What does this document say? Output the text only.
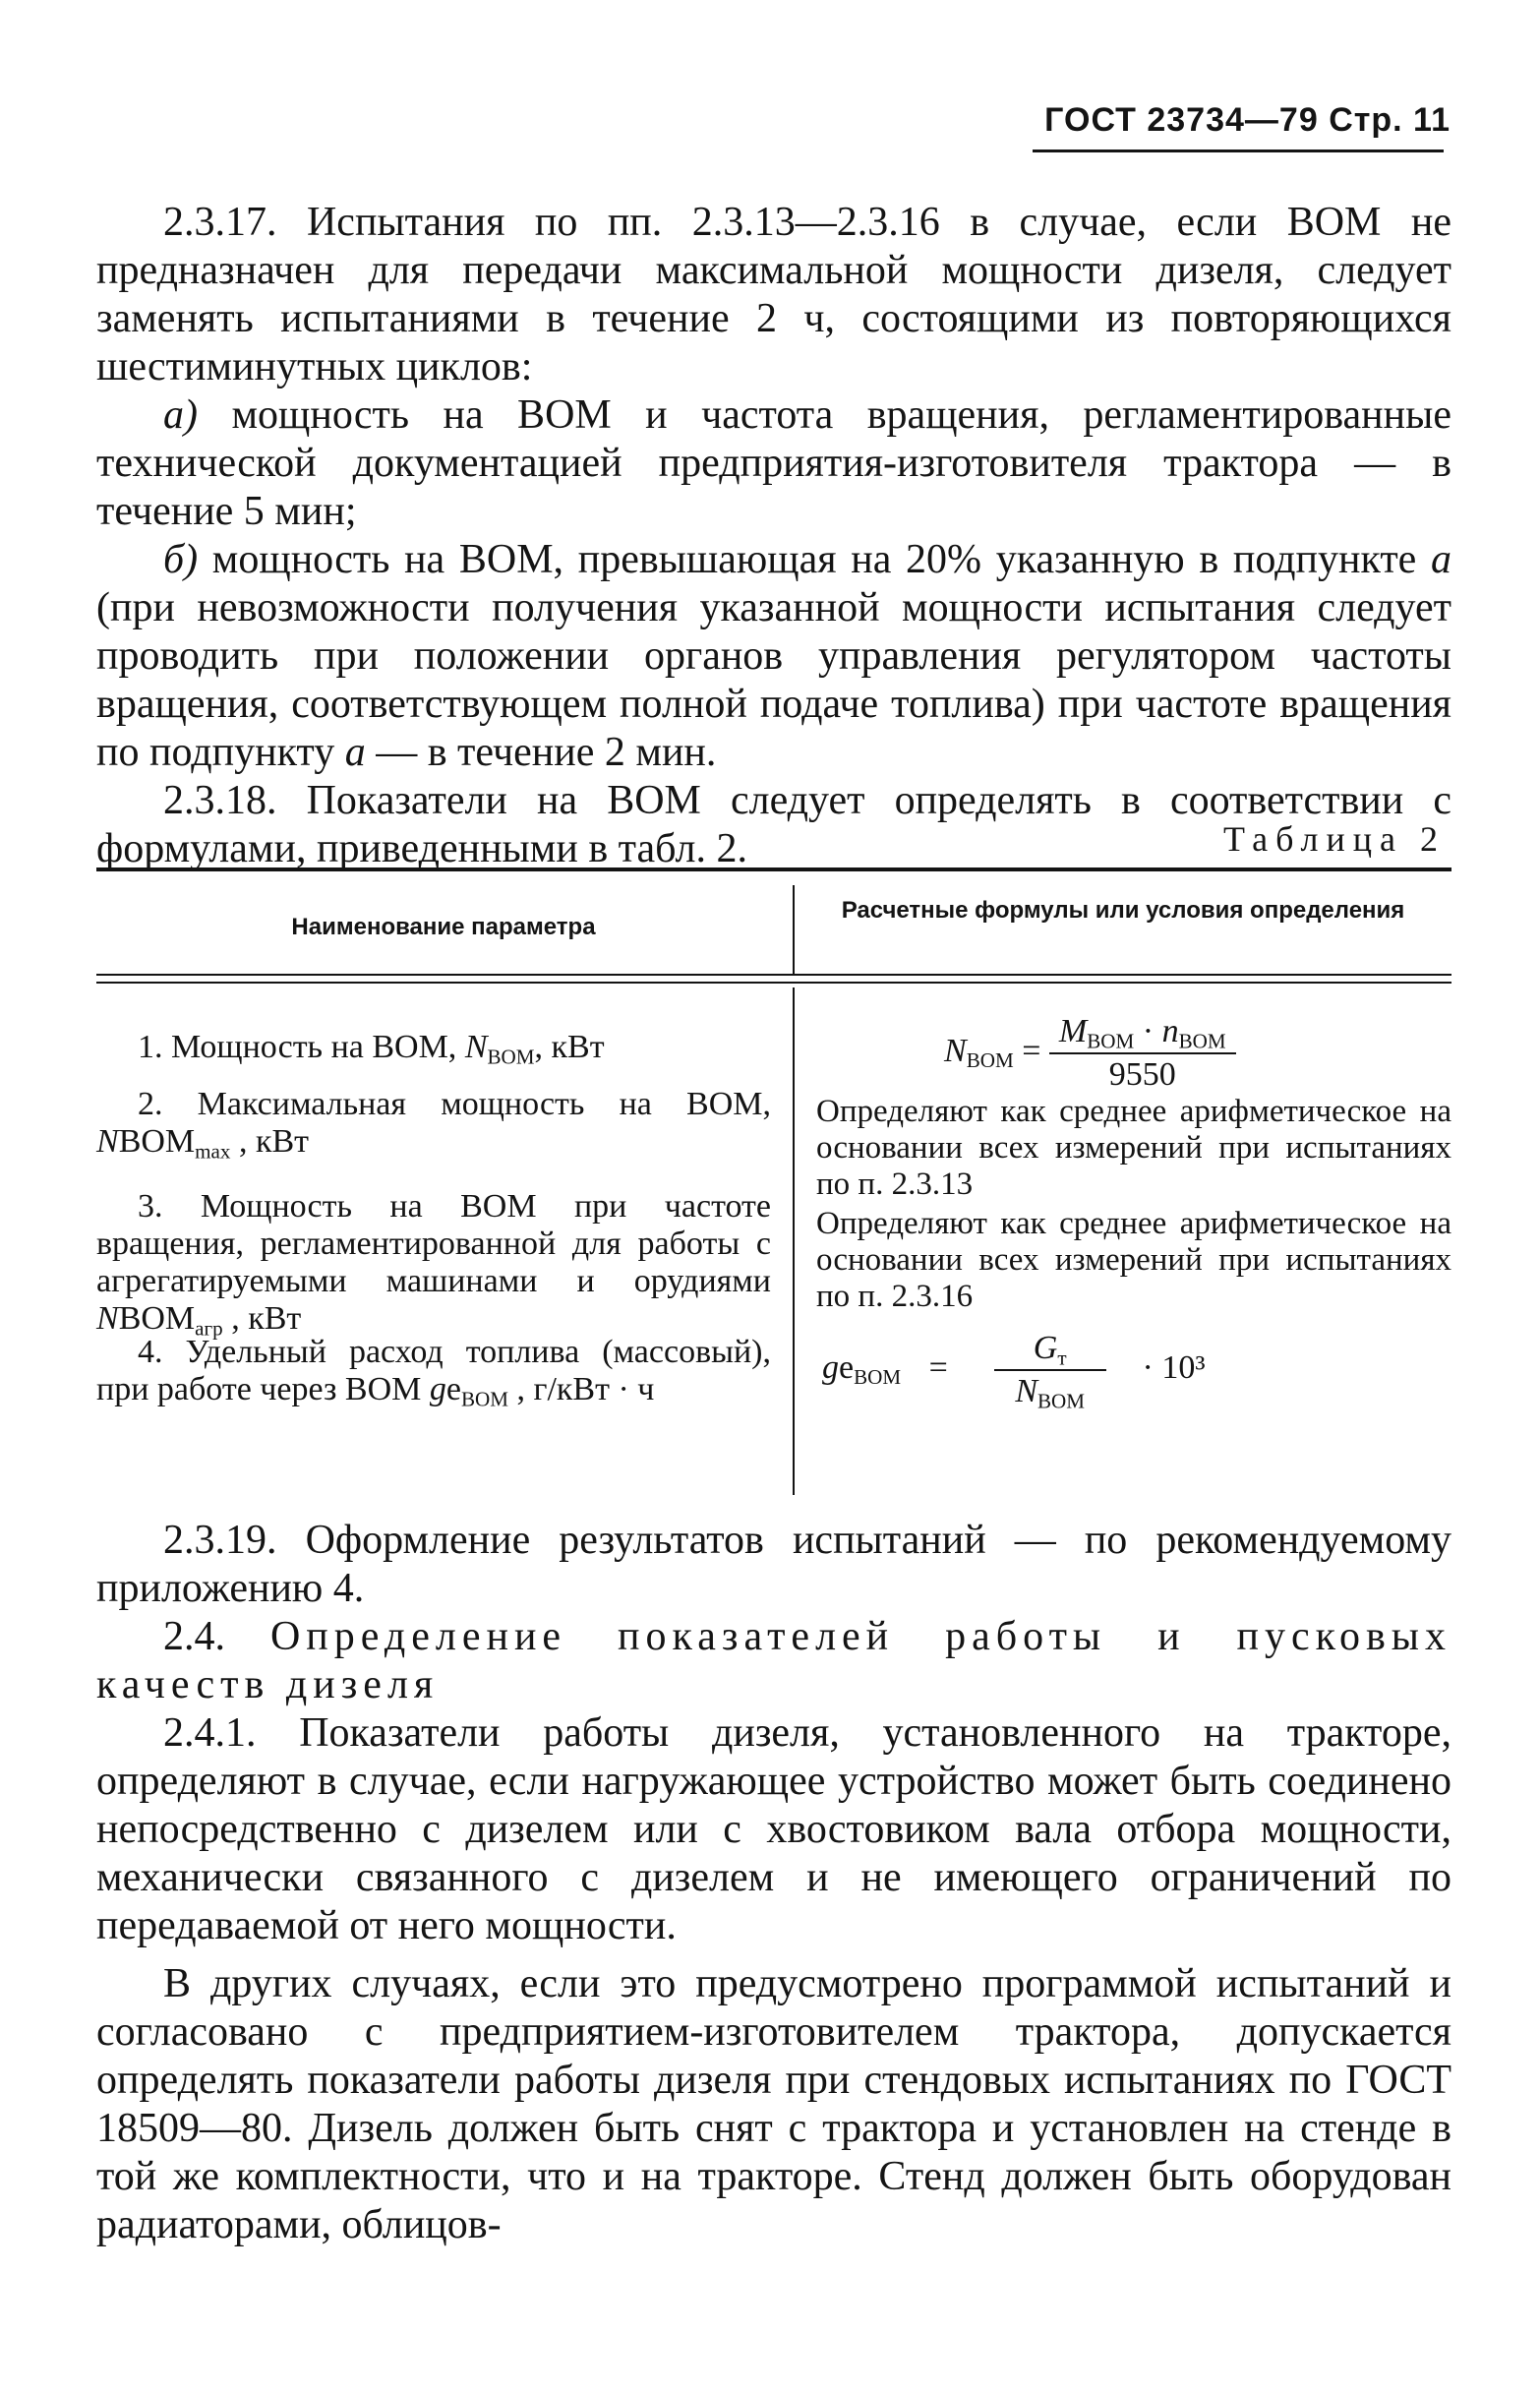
ГОСТ 23734—79 Стр. 11

2.3.17. Испытания по пп. 2.3.13—2.3.16 в случае, если ВОМ не предназначен для передачи максимальной мощности дизеля, следует заменять испытаниями в течение 2 ч, состоящими из повторяющихся шестиминутных циклов:

а) мощность на ВОМ и частота вращения, регламентированные технической документацией предприятия-изготовителя трактора — в течение 5 мин;

б) мощность на ВОМ, превышающая на 20% указанную в подпункте а (при невозможности получения указанной мощности испытания следует проводить при положении органов управления регулятором частоты вращения, соответствующем полной подаче топлива) при частоте вращения по подпункту а — в течение 2 мин.

2.3.18. Показатели на ВОМ следует определять в соответствии с формулами, приведенными в табл. 2.	Таблица 2
Наименование параметра
Расчетные формулы или условия определения

1. Мощность на ВОМ, $N_{ВОМ}$, кВт

2. Максимальная мощность на ВОМ, $NВОМ_{max}$ , кВт

3. Мощность на ВОМ при частоте вращения, регламентированной для работы с агрегатируемыми машинами и орудиями $NВОМ_{агр}$ , кВт

4. Удельный расход топлива (массовый), при работе через ВОМ $gе_{ВОМ}$ , г/кВт · ч

$N_{ВОМ} = \frac{M_{ВОМ} \cdot n_{ВОМ}}{9550}$

Определяют как среднее арифметическое на основании всех измерений при испытаниях по п. 2.3.13

Определяют как среднее арифметическое на основании всех измерений при испытаниях по п. 2.3.16

$gе_{ВОМ} = \frac{G_т}{N_{ВОМ}} \cdot 10^3$

2.3.19. Оформление результатов испытаний — по рекомендуемому приложению 4.

2.4. Определение показателей работы и пусковых качеств дизеля

2.4.1. Показатели работы дизеля, установленного на тракторе, определяют в случае, если нагружающее устройство может быть соединено непосредственно с дизелем или с хвостовиком вала отбора мощности, механически связанного с дизелем и не имеющего ограничений по передаваемой от него мощности.

В других случаях, если это предусмотрено программой испытаний и согласовано с предприятием-изготовителем трактора, допускается определять показатели работы дизеля при стендовых испытаниях по ГОСТ 18509—80. Дизель должен быть снят с трактора и установлен на стенде в той же комплектности, что и на тракторе. Стенд должен быть оборудован радиаторами, облицов-
